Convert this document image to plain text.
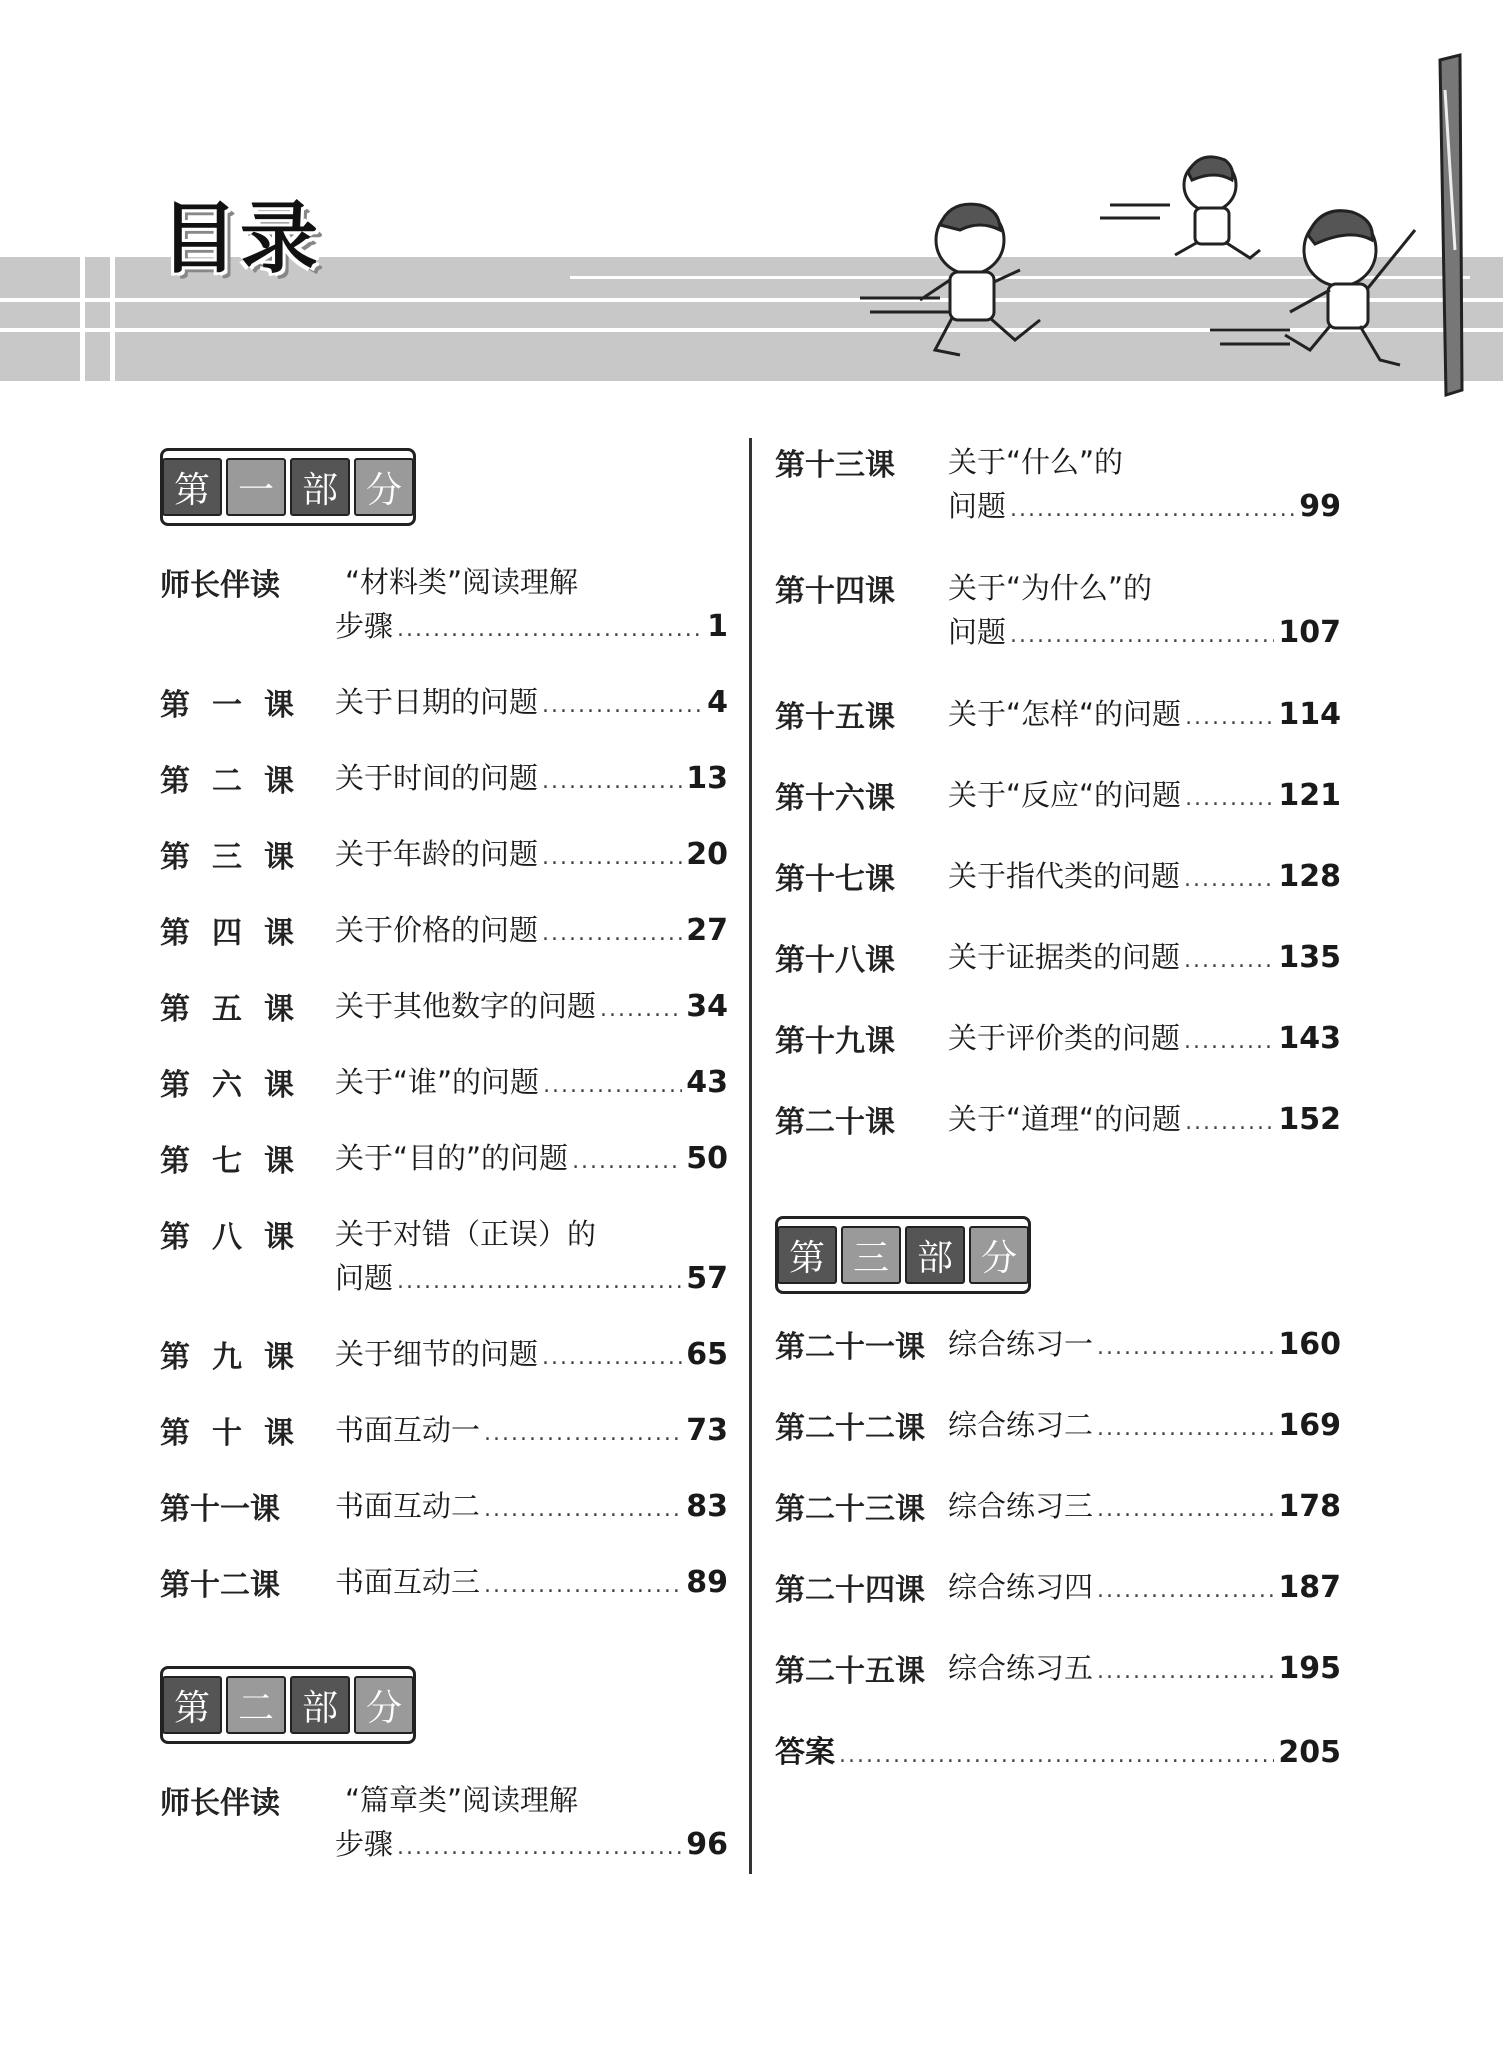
目录
第 一 部 分
师长伴读 “材料类”阅读理解
步骤 .....	1
第一课 关于日期的问题 .....	4
第二课 关于时间的问题 .....	13
第三课 关于年龄的问题 .....	20
第四课 关于价格的问题 .....	27
第五课 关于其他数字的问题 .....	34
第六课 关于“谁”的问题 .....	43
第七课 关于“目的”的问题 .....	50
第八课 关于对错（正误）的
问题 .....	57
第九课 关于细节的问题 .....	65
第十课 书面互动一 .....	73
第十一课 书面互动二 .....	83
第十二课 书面互动三 .....	89
第 二 部 分
师长伴读 “篇章类”阅读理解
步骤 .....	96
第十三课 关于“什么”的
问题 .....	99
第十四课 关于“为什么”的
问题 .....	107
第十五课 关于“怎样“的问题 .....	114
第十六课 关于“反应“的问题 .....	121
第十七课 关于指代类的问题 .....	128
第十八课 关于证据类的问题 .....	135
第十九课 关于评价类的问题 .....	143
第二十课 关于“道理“的问题 .....	152
第 三 部 分
第二十一课 综合练习一 .....	160
第二十二课 综合练习二 .....	169
第二十三课 综合练习三 .....	178
第二十四课 综合练习四 .....	187
第二十五课 综合练习五 .....	195
答案 .....	205
